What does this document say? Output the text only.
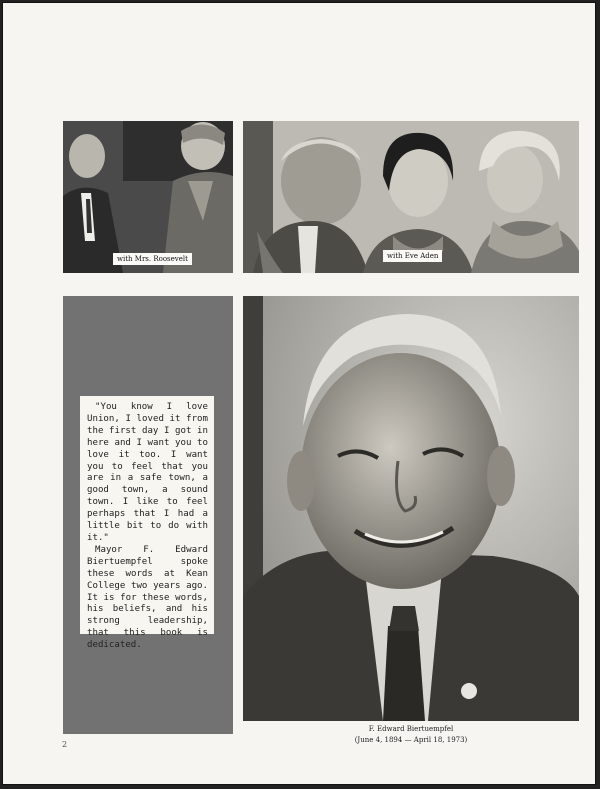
with Mrs. Roosevelt	with Eve Aden

"You know I love Union, I loved it from the first day I got in here and I want you to love it too. I want you to feel that you are in a safe town, a good town, a sound town. I like to feel perhaps that I had a little bit to do with it."

Mayor F. Edward Biertuempfel spoke these words at Kean College two years ago. It is for these words, his beliefs, and his strong leadership, that this book is dedicated.

F. Edward Biertuempfel
(June 4, 1894 — April 18, 1973)
2
